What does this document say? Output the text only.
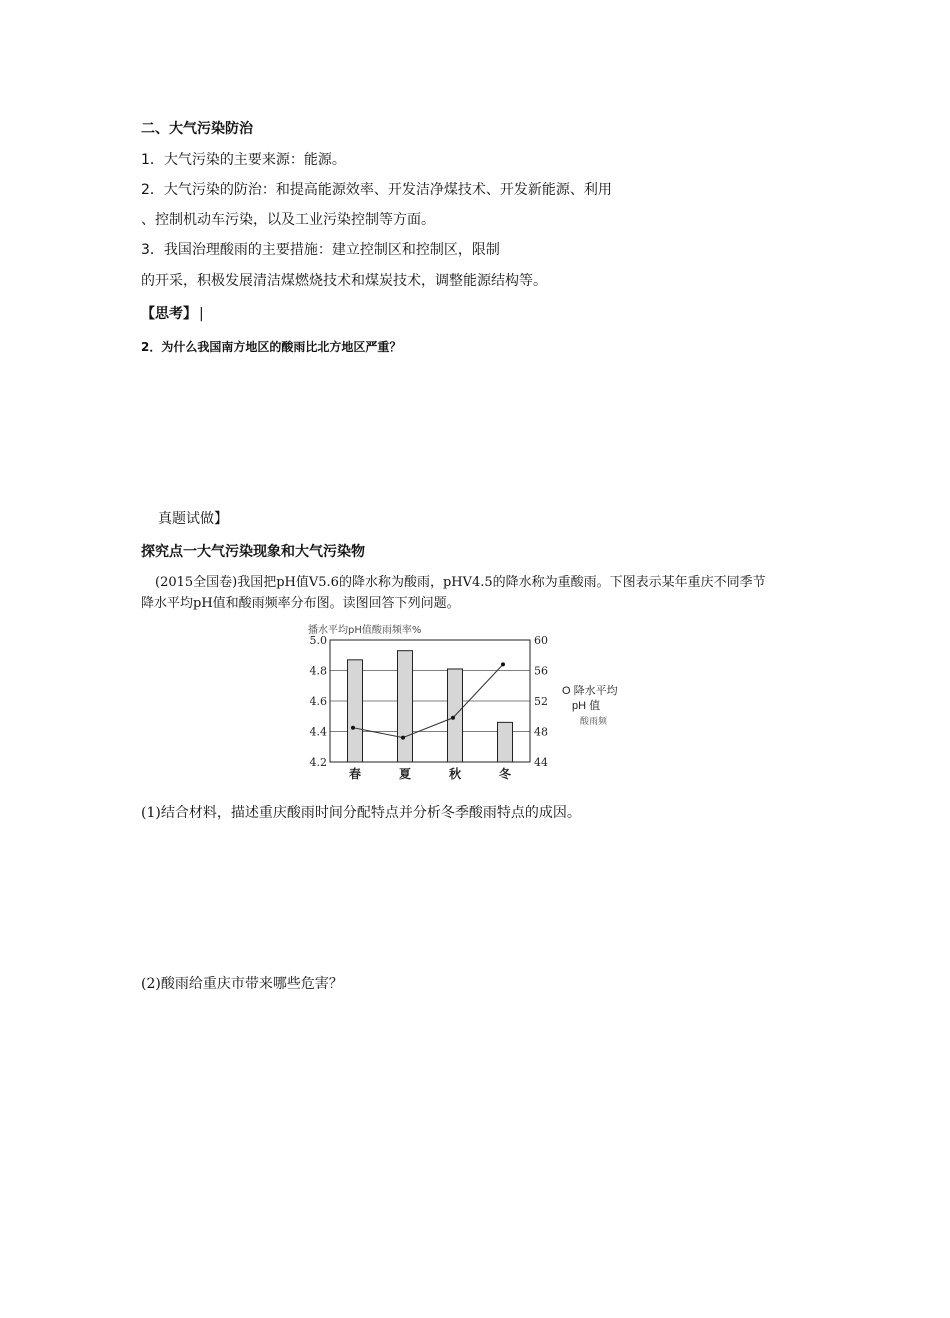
二、大气污染防治
1．大气污染的主要来源：能源。
2．大气污染的防治：和提高能源效率、开发洁净煤技术、开发新能源、利用
、控制机动车污染，以及工业污染控制等方面。
3．我国治理酸雨的主要措施：建立控制区和控制区，限制
的开采，积极发展清洁煤燃烧技术和煤炭技术，调整能源结构等。
【思考】 |
2．为什么我国南方地区的酸雨比北方地区严重？
真题试做】
探究点一大气污染现象和大气污染物
(2015全国卷)我国把pH值V5.6的降水称为酸雨，pHV4.5的降水称为重酸雨。下图表示某年重庆不同季节
降水平均pH值和酸雨频率分布图。读图回答下列问题。
播水平均pH值酸雨频率%
5.0
4.8
4.6
4.4
4.2
60
56
52
48
44
春	夏	秋	冬
O 降水平均
pH 值
酸雨频
(1)结合材料，描述重庆酸雨时间分配特点并分析冬季酸雨特点的成因。
(2)酸雨给重庆市带来哪些危害？
